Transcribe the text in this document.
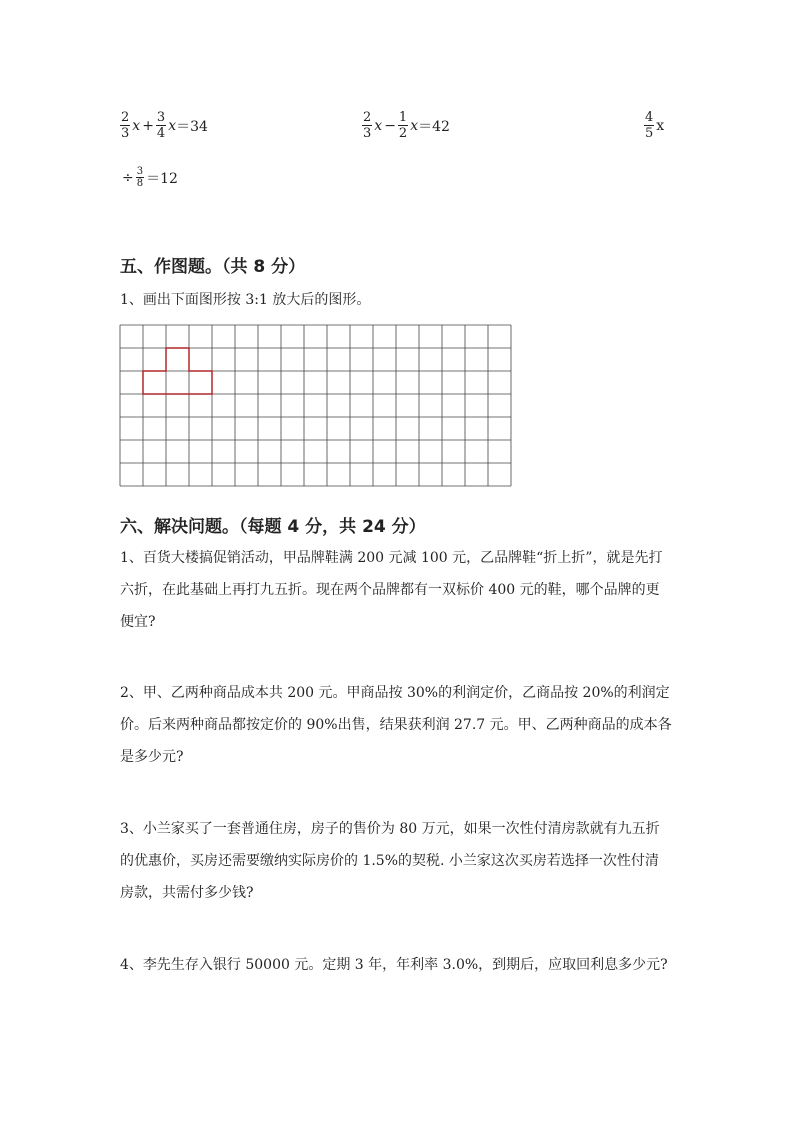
$\frac{2}{3}$ $x + \frac{3}{4}$ x ＝34	$\frac{2}{3}$ $x - \frac{1}{2}$ x ＝42	$\frac{4}{5}$ x
÷ $\frac{3}{8} =12$
五、作图题。（共 8 分）
1、画出下面图形按 3:1 放大后的图形。
六、解决问题。（每题 4 分，共 24 分）
1、百货大楼搞促销活动，甲品牌鞋满 200 元减 100 元，乙品牌鞋“折上折”，就是先打六折，在此基础上再打九五折。现在两个品牌都有一双标价 400 元的鞋，哪个品牌的更便宜?
2、甲、乙两种商品成本共 200 元。甲商品按 30%的利润定价，乙商品按 20%的利润定价。后来两种商品都按定价的 90%出售，结果获利润 27.7 元。甲、乙两种商品的成本各是多少元?
3、小兰家买了一套普通住房，房子的售价为 80 万元，如果一次性付清房款就有九五折的优惠价，买房还需要缴纳实际房价的 1.5%的契税. 小兰家这次买房若选择一次性付清房款，共需付多少钱?
4、李先生存入银行 50000 元。定期 3 年，年利率 3.0%，到期后，应取回利息多少元?
